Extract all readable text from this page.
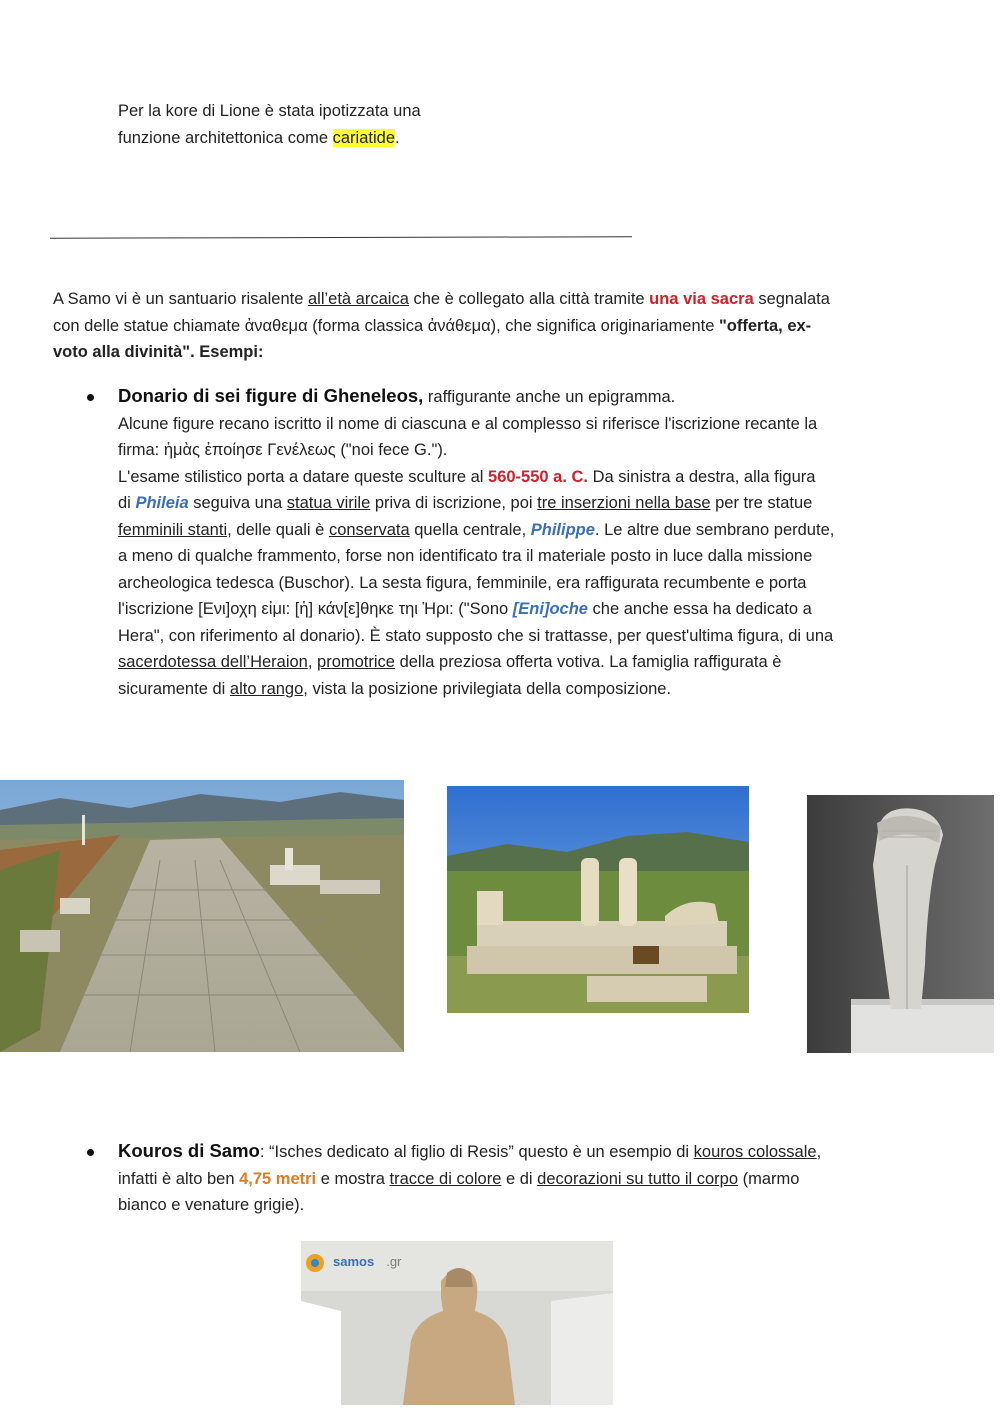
Per la kore di Lione è stata ipotizzata una
funzione architettonica come cariatide.
A Samo vi è un santuario risalente all’età arcaica che è collegato alla città tramite una via sacra segnalata
con delle statue chiamate ἀναθεμα (forma classica ἀνάθεμα), che significa originariamente "offerta, ex-
voto alla divinità". Esempi:
Donario di sei figure di Gheneleos, raffigurante anche un epigramma.
Alcune figure recano iscritto il nome di ciascuna e al complesso si riferisce l'iscrizione recante la
firma: ἡμὰς ἐποίησε Γενέλεως ("noi fece G.").
L'esame stilistico porta a datare queste sculture al 560-550 a. C. Da sinistra a destra, alla figura
di Phileia seguiva una statua virile priva di iscrizione, poi tre inserzioni nella base per tre statue
femminili stanti, delle quali è conservata quella centrale, Philippe. Le altre due sembrano perdute,
a meno di qualche frammento, forse non identificato tra il materiale posto in luce dalla missione
archeologica tedesca (Buschor). La sesta figura, femminile, era raffigurata recumbente e porta
l'iscrizione [Ενι]οχη εἰμι: [ἡ] κάν[ε]θηκε τηι Ἡρι: ("Sono [Eni]oche che anche essa ha dedicato a
Hera", con riferimento al donario). È stato supposto che si trattasse, per quest'ultima figura, di una
sacerdotessa dell’Heraion, promotrice della preziosa offerta votiva. La famiglia raffigurata è
sicuramente di alto rango, vista la posizione privilegiata della composizione.
Kouros di Samo: “Isches dedicato al figlio di Resis” questo è un esempio di kouros colossale,
infatti è alto ben 4,75 metri e mostra tracce di colore e di decorazioni su tutto il corpo (marmo
bianco e venature grigie).
samos .gr
